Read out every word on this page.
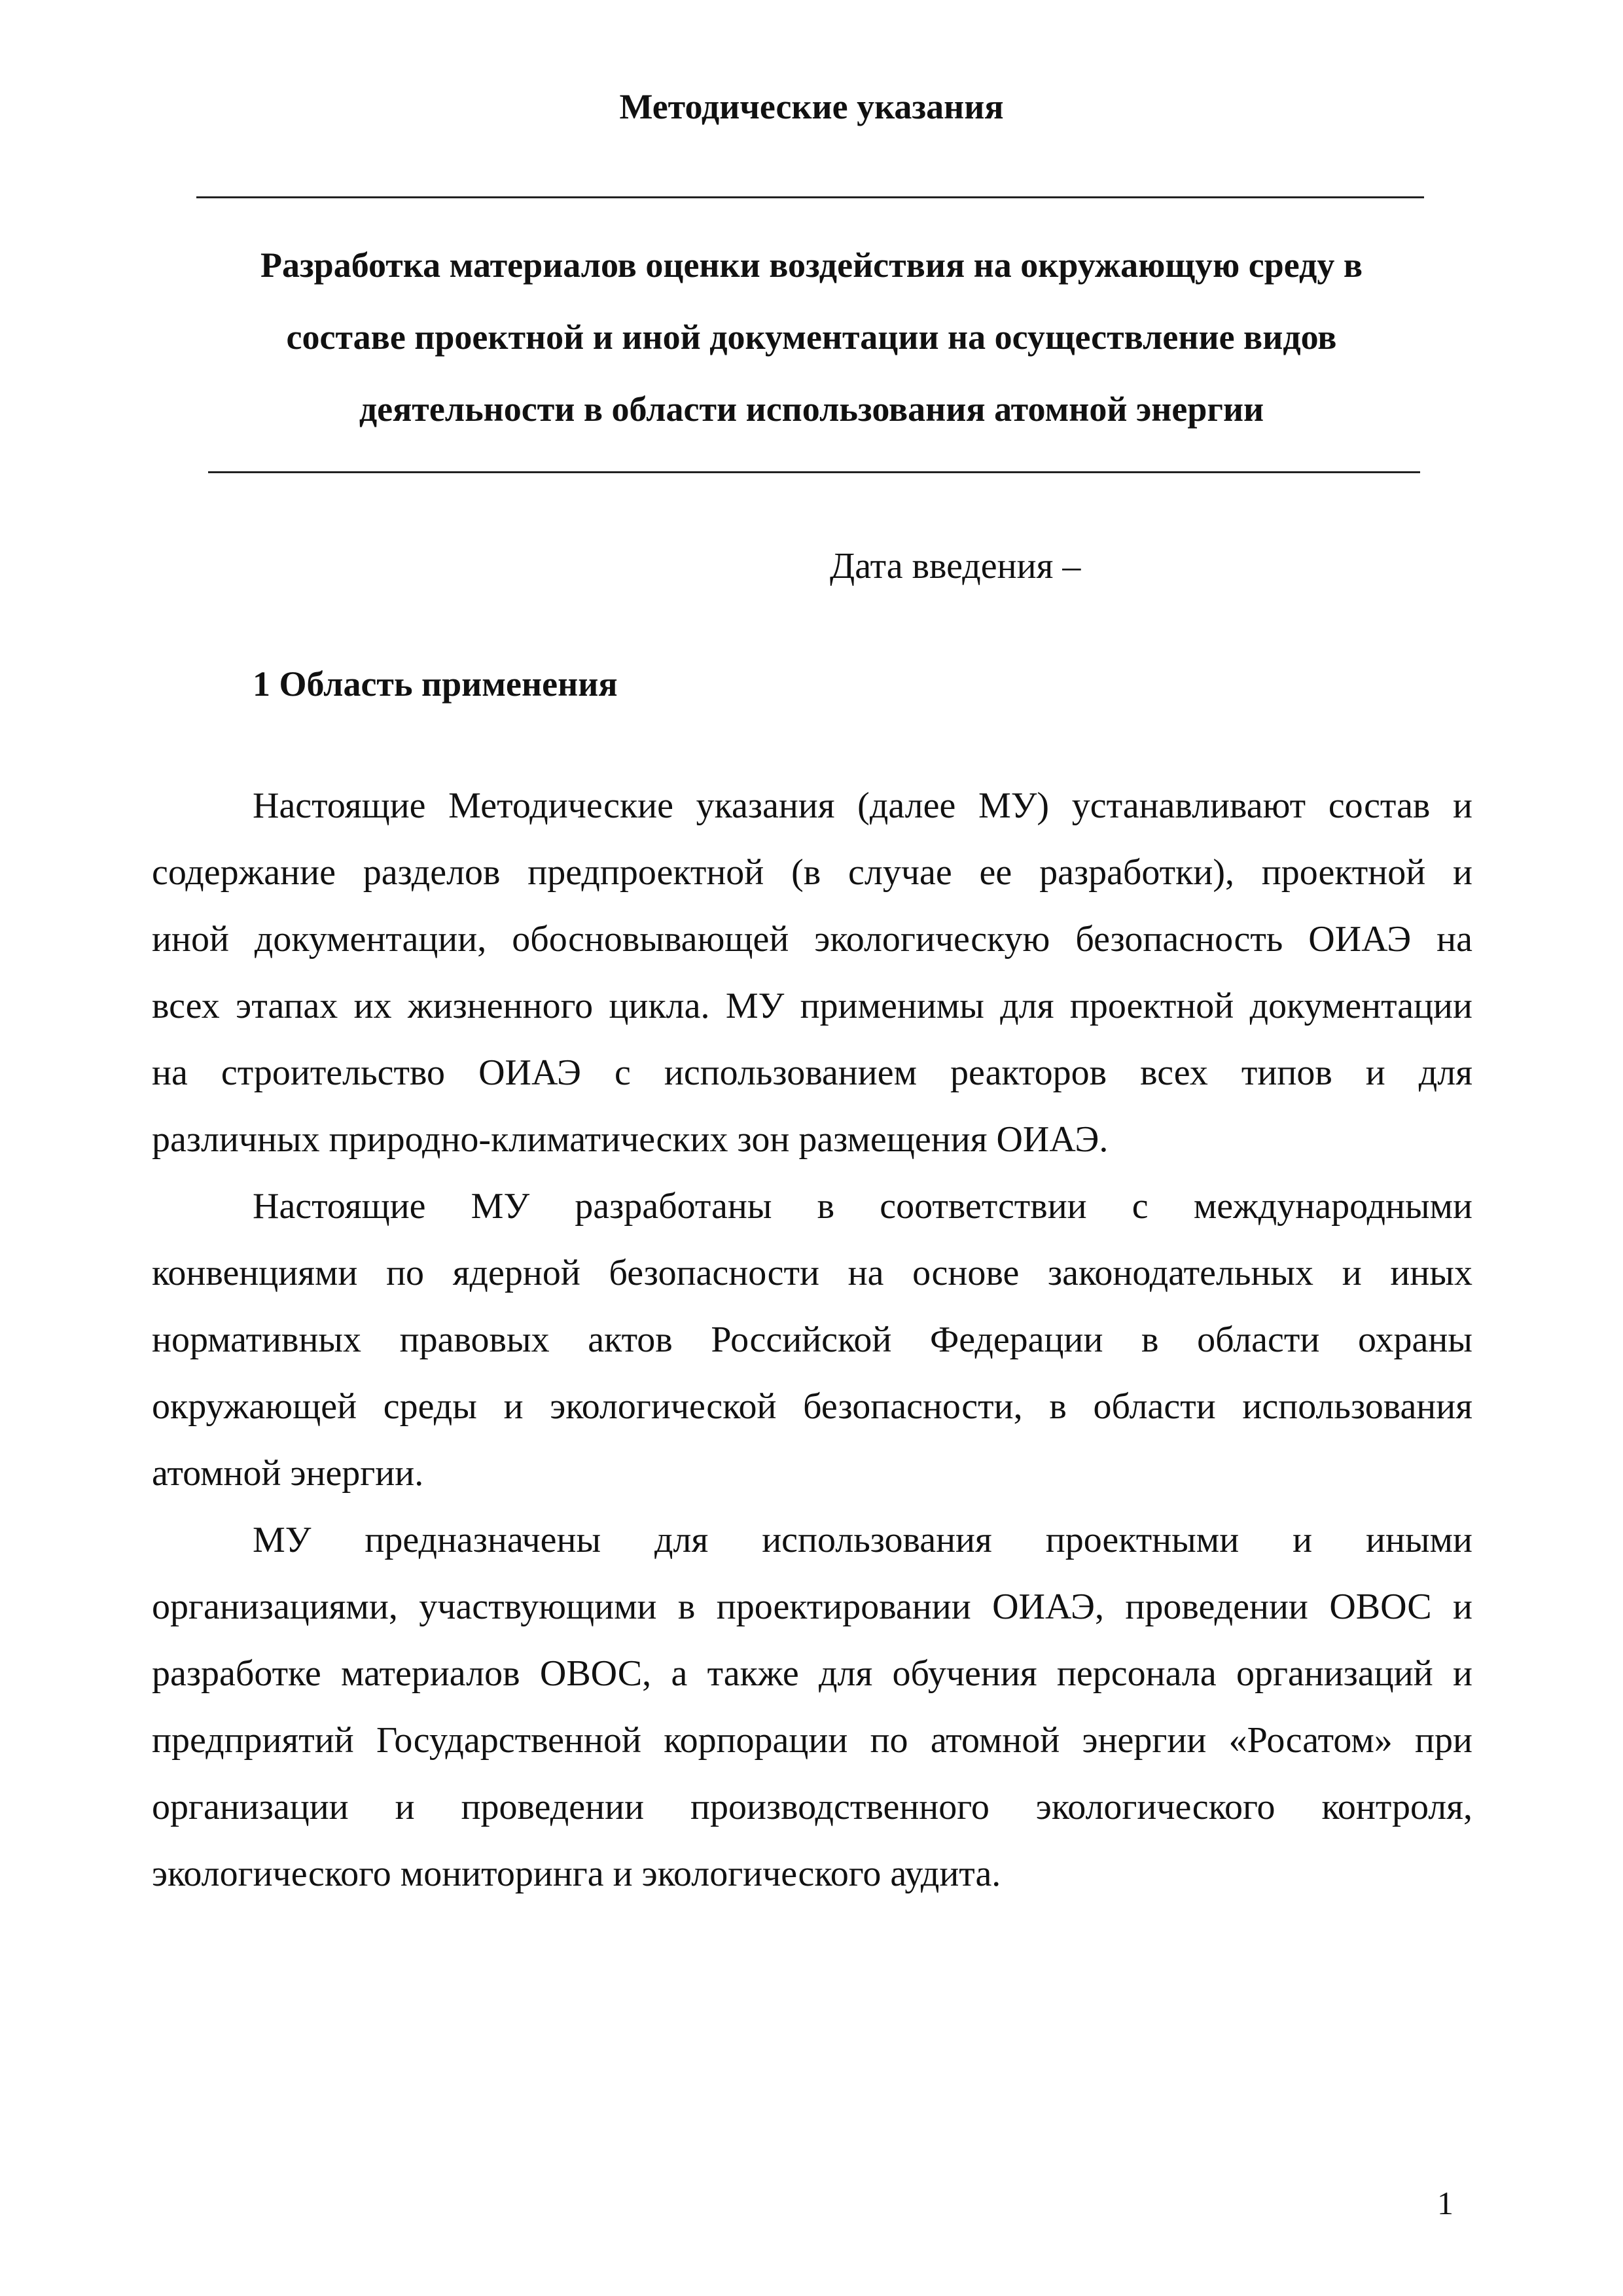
Методические указания
Разработка материалов оценки воздействия на окружающую среду в
составе проектной и иной документации на осуществление видов
деятельности в области использования атомной энергии
Дата введения –
1 Область применения
Настоящие Методические указания (далее МУ) устанавливают состав и
содержание разделов предпроектной (в случае ее разработки), проектной и
иной документации, обосновывающей экологическую безопасность ОИАЭ на
всех этапах их жизненного цикла. МУ применимы для проектной документации
на строительство ОИАЭ с использованием реакторов всех типов и для
различных природно-климатических зон размещения ОИАЭ.
Настоящие МУ разработаны в соответствии с международными
конвенциями по ядерной безопасности на основе законодательных и иных
нормативных правовых актов Российской Федерации в области охраны
окружающей среды и экологической безопасности, в области использования
атомной энергии.
МУ предназначены для использования проектными и иными
организациями, участвующими в проектировании ОИАЭ, проведении ОВОС и
разработке материалов ОВОС, а также для обучения персонала организаций и
предприятий Государственной корпорации по атомной энергии «Росатом» при
организации и проведении производственного экологического контроля,
экологического мониторинга и экологического аудита.
1
